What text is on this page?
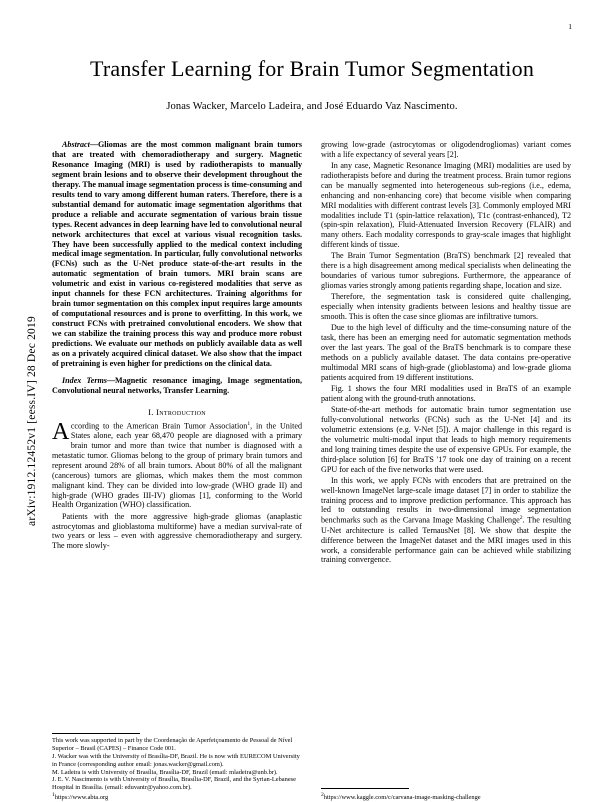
arXiv:1912.12452v1 [eess.IV] 28 Dec 2019
1
Transfer Learning for Brain Tumor Segmentation
Jonas Wacker, Marcelo Ladeira, and José Eduardo Vaz Nascimento.
Abstract—Gliomas are the most common malignant brain tumors that are treated with chemoradiotherapy and surgery. Magnetic Resonance Imaging (MRI) is used by radiotherapists to manually segment brain lesions and to observe their development throughout the therapy. The manual image segmentation process is time-consuming and results tend to vary among different human raters. Therefore, there is a substantial demand for automatic image segmentation algorithms that produce a reliable and accurate segmentation of various brain tissue types. Recent advances in deep learning have led to convolutional neural network architectures that excel at various visual recognition tasks. They have been successfully applied to the medical context including medical image segmentation. In particular, fully convolutional networks (FCNs) such as the U-Net produce state-of-the-art results in the automatic segmentation of brain tumors. MRI brain scans are volumetric and exist in various co-registered modalities that serve as input channels for these FCN architectures. Training algorithms for brain tumor segmentation on this complex input requires large amounts of computational resources and is prone to overfitting. In this work, we construct FCNs with pretrained convolutional encoders. We show that we can stabilize the training process this way and produce more robust predictions. We evaluate our methods on publicly available data as well as on a privately acquired clinical dataset. We also show that the impact of pretraining is even higher for predictions on the clinical data.
Index Terms—Magnetic resonance imaging, Image segmentation, Convolutional neural networks, Transfer Learning.
I. Introduction

According to the American Brain Tumor Association$^1$, in the United States alone, each year 68,470 people are diagnosed with a primary brain tumor and more than twice that number is diagnosed with a metastatic tumor. Gliomas belong to the group of primary brain tumors and represent around 28% of all brain tumors. About 80% of all the malignant (cancerous) tumors are gliomas, which makes them the most common malignant kind. They can be divided into low-grade (WHO grade II) and high-grade (WHO grades III-IV) gliomas [1], conforming to the World Health Organization (WHO) classification.

Patients with the more aggressive high-grade gliomas (anaplastic astrocytomas and glioblastoma multiforme) have a median survival-rate of two years or less – even with aggressive chemoradiotherapy and surgery. The more slowly-

This work was supported in part by the Coordenação de Aperfeiçoamento de Pessoal de Nível Superior – Brasil (CAPES) – Finance Code 001.

J. Wacker was with the University of Brasília-DF, Brazil. He is now with EURECOM University in France (corresponding author email: jonas.wacker@gmail.com).

M. Ladeira is with University of Brasília, Brasília-DF, Brazil (email: mladeira@unb.br).

J. E. V. Nascimento is with University of Brasília, Brasília-DF, Brazil, and the Syrian-Lebanese Hospital in Brasília. (email: eduvantr@yahoo.com.br).

$^1$https://www.abta.org

growing low-grade (astrocytomas or oligodendrogliomas) variant comes with a life expectancy of several years [2].

In any case, Magnetic Resonance Imaging (MRI) modalities are used by radiotherapists before and during the treatment process. Brain tumor regions can be manually segmented into heterogeneous sub-regions (i.e., edema, enhancing and non-enhancing core) that become visible when comparing MRI modalities with different contrast levels [3]. Commonly employed MRI modalities include T1 (spin-lattice relaxation), T1c (contrast-enhanced), T2 (spin-spin relaxation), Fluid-Attenuated Inversion Recovery (FLAIR) and many others. Each modality corresponds to gray-scale images that highlight different kinds of tissue.

The Brain Tumor Segmentation (BraTS) benchmark [2] revealed that there is a high disagreement among medical specialists when delineating the boundaries of various tumor subregions. Furthermore, the appearance of gliomas varies strongly among patients regarding shape, location and size.

Therefore, the segmentation task is considered quite challenging, especially when intensity gradients between lesions and healthy tissue are smooth. This is often the case since gliomas are infiltrative tumors.

Due to the high level of difficulty and the time-consuming nature of the task, there has been an emerging need for automatic segmentation methods over the last years. The goal of the BraTS benchmark is to compare these methods on a publicly available dataset. The data contains pre-operative multimodal MRI scans of high-grade (glioblastoma) and low-grade glioma patients acquired from 19 different institutions.

Fig. 1 shows the four MRI modalities used in BraTS of an example patient along with the ground-truth annotations.

State-of-the-art methods for automatic brain tumor segmentation use fully-convolutional networks (FCNs) such as the U-Net [4] and its volumetric extensions (e.g. V-Net [5]). A major challenge in this regard is the volumetric multi-modal input that leads to high memory requirements and long training times despite the use of expensive GPUs. For example, the third-place solution [6] for BraTS '17 took one day of training on a recent GPU for each of the five networks that were used.

In this work, we apply FCNs with encoders that are pretrained on the well-known ImageNet large-scale image dataset [7] in order to stabilize the training process and to improve prediction performance. This approach has led to outstanding results in two-dimensional image segmentation benchmarks such as the Carvana Image Masking Challenge$^2$. The resulting U-Net architecture is called TernausNet [8]. We show that despite the difference between the ImageNet dataset and the MRI images used in this work, a considerable performance gain can be achieved while stabilizing training convergence.

$^2$https://www.kaggle.com/c/carvana-image-masking-challenge
